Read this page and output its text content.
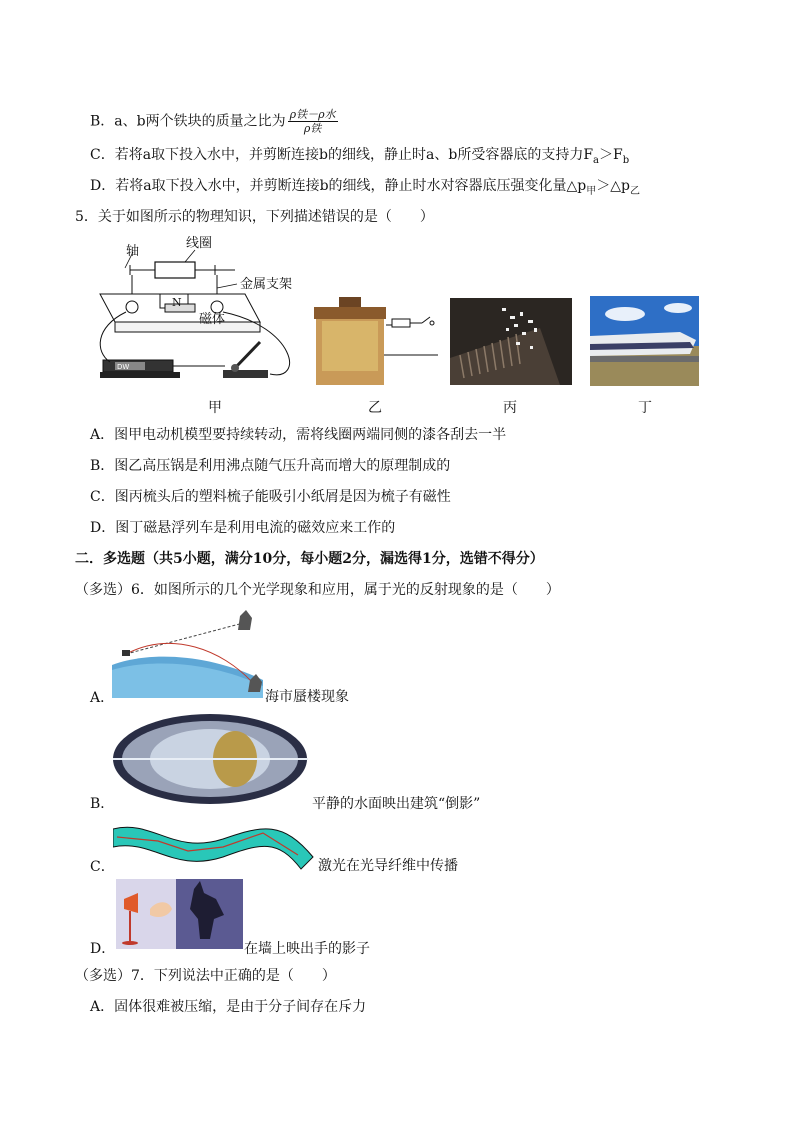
B．a、b两个铁块的质量之比为 $\frac{\text{ρ铁－ρ水}}{\text{ρ铁}}$
C．若将a取下投入水中，并剪断连接b的细线，静止时a、b所受容器底的支持力$F_a>F_b$
D．若将a取下投入水中，并剪断连接b的细线，静止时水对容器底压强变化量$\triangle p_甲>\triangle p_乙$
5．关于如图所示的物理知识，下列描述错误的是（　　）
DW
轴
线圈
金属支架
磁体
N
甲	乙	丙	丁
A．图甲电动机模型要持续转动，需将线圈两端同侧的漆各刮去一半
B．图乙高压锅是利用沸点随气压升高而增大的原理制成的
C．图丙梳头后的塑料梳子能吸引小纸屑是因为梳子有磁性
D．图丁磁悬浮列车是利用电流的磁效应来工作的
二．多选题（共5小题，满分10分，每小题2分，漏选得1分，选错不得分）
（多选）6．如图所示的几个光学现象和应用，属于光的反射现象的是（　　）
A．	海市蜃楼现象
B．	平静的水面映出建筑“倒影”
C．	激光在光导纤维中传播
D．	在墙上映出手的影子
（多选）7．下列说法中正确的是（　　）
A．固体很难被压缩，是由于分子间存在斥力
